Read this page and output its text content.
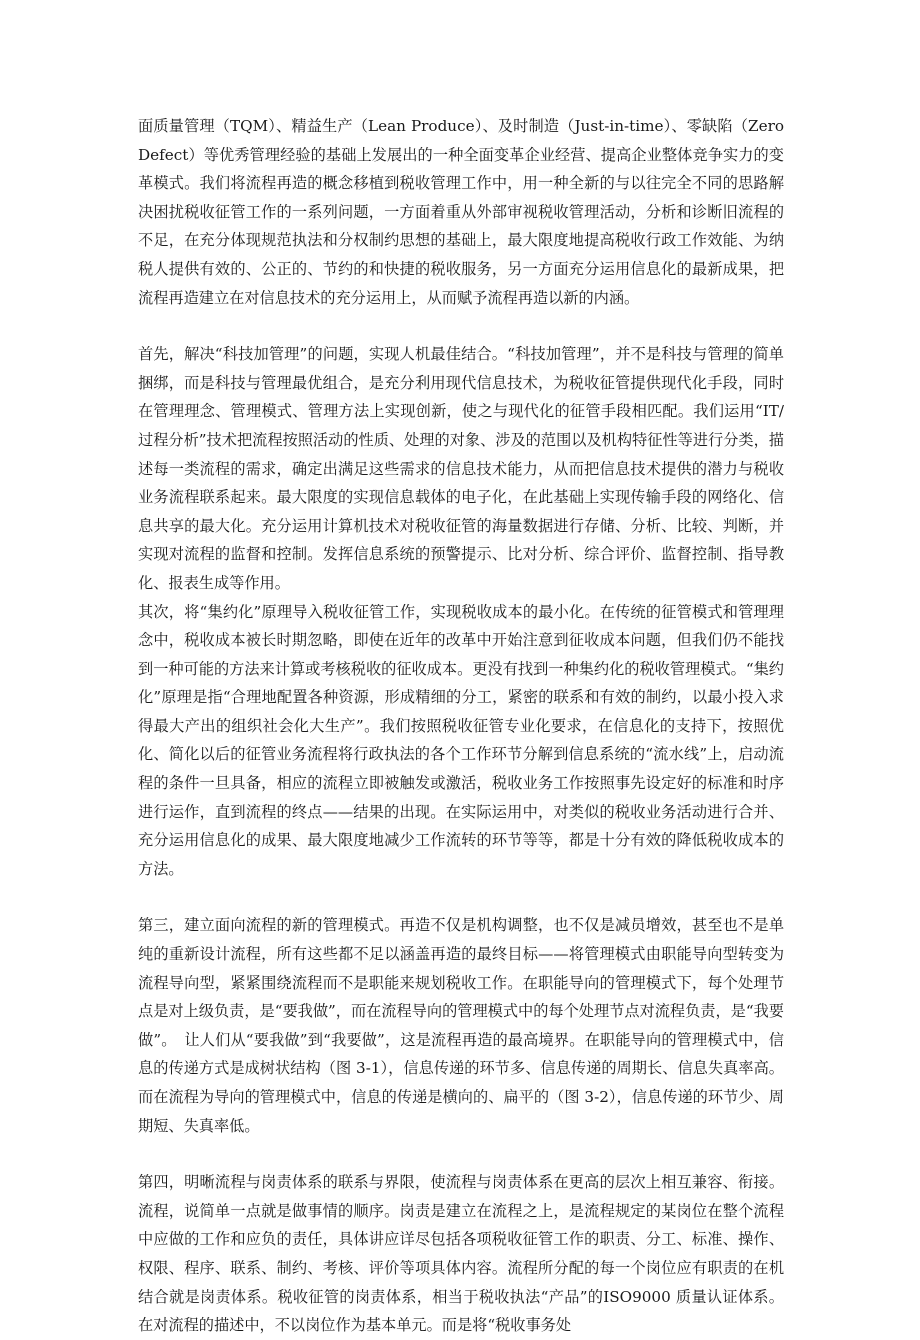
面质量管理（TQM）、精益生产（Lean Produce）、及时制造（Just-in-time）、零缺陷（Zero Defect）等优秀管理经验的基础上发展出的一种全面变革企业经营、提高企业整体竞争实力的变革模式。我们将流程再造的概念移植到税收管理工作中，用一种全新的与以往完全不同的思路解决困扰税收征管工作的一系列问题，一方面着重从外部审视税收管理活动，分析和诊断旧流程的不足，在充分体现规范执法和分权制约思想的基础上，最大限度地提高税收行政工作效能、为纳税人提供有效的、公正的、节约的和快捷的税收服务，另一方面充分运用信息化的最新成果，把流程再造建立在对信息技术的充分运用上，从而赋予流程再造以新的内涵。

首先，解决“科技加管理”的问题，实现人机最佳结合。“科技加管理”，并不是科技与管理的简单捆绑，而是科技与管理最优组合，是充分利用现代信息技术，为税收征管提供现代化手段，同时在管理理念、管理模式、管理方法上实现创新，使之与现代化的征管手段相匹配。我们运用“IT/过程分析”技术把流程按照活动的性质、处理的对象、涉及的范围以及机构特征性等进行分类，描述每一类流程的需求，确定出满足这些需求的信息技术能力，从而把信息技术提供的潜力与税收业务流程联系起来。最大限度的实现信息载体的电子化，在此基础上实现传输手段的网络化、信息共享的最大化。充分运用计算机技术对税收征管的海量数据进行存储、分析、比较、判断，并实现对流程的监督和控制。发挥信息系统的预警提示、比对分析、综合评价、监督控制、指导教化、报表生成等作用。

其次，将“集约化”原理导入税收征管工作，实现税收成本的最小化。在传统的征管模式和管理理念中，税收成本被长时期忽略，即使在近年的改革中开始注意到征收成本问题，但我们仍不能找到一种可能的方法来计算或考核税收的征收成本。更没有找到一种集约化的税收管理模式。“集约化”原理是指“合理地配置各种资源，形成精细的分工，紧密的联系和有效的制约，以最小投入求得最大产出的组织社会化大生产”。我们按照税收征管专业化要求，在信息化的支持下，按照优化、简化以后的征管业务流程将行政执法的各个工作环节分解到信息系统的“流水线”上，启动流程的条件一旦具备，相应的流程立即被触发或激活，税收业务工作按照事先设定好的标准和时序进行运作，直到流程的终点——结果的出现。在实际运用中，对类似的税收业务活动进行合并、充分运用信息化的成果、最大限度地减少工作流转的环节等等，都是十分有效的降低税收成本的方法。

第三，建立面向流程的新的管理模式。再造不仅是机构调整，也不仅是减员增效，甚至也不是单纯的重新设计流程，所有这些都不足以涵盖再造的最终目标——将管理模式由职能导向型转变为流程导向型，紧紧围绕流程而不是职能来规划税收工作。在职能导向的管理模式下，每个处理节点是对上级负责，是“要我做”，而在流程导向的管理模式中的每个处理节点对流程负责，是“我要做”。　让人们从“要我做”到“我要做”，这是流程再造的最高境界。在职能导向的管理模式中，信息的传递方式是成树状结构（图 3-1），信息传递的环节多、信息传递的周期长、信息失真率高。而在流程为导向的管理模式中，信息的传递是横向的、扁平的（图 3-2），信息传递的环节少、周期短、失真率低。

第四，明晰流程与岗责体系的联系与界限，使流程与岗责体系在更高的层次上相互兼容、衔接。流程，说简单一点就是做事情的顺序。岗责是建立在流程之上，是流程规定的某岗位在整个流程中应做的工作和应负的责任，具体讲应详尽包括各项税收征管工作的职责、分工、标准、操作、权限、程序、联系、制约、考核、评价等项具体内容。流程所分配的每一个岗位应有职责的在机结合就是岗责体系。税收征管的岗责体系，相当于税收执法“产品”的ISO9000 质量认证体系。在对流程的描述中，不以岗位作为基本单元。而是将“税收事务处
